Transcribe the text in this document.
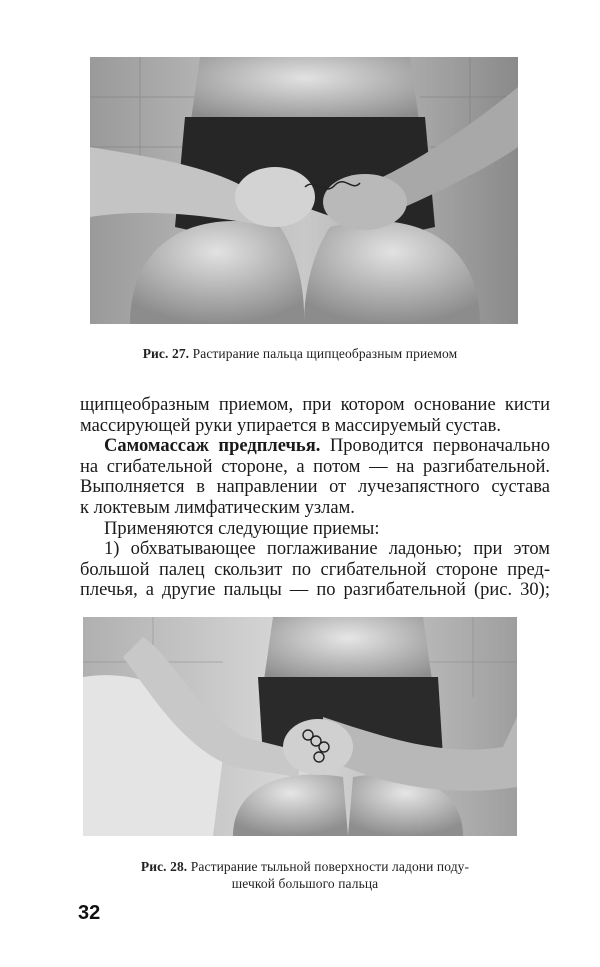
Рис. 27. Растирание пальца щипцеобразным приемом

щипцеобразным приемом, при котором основание кисти
массирующей руки упирается в массируемый сустав.

Самомассаж предплечья. Проводится первоначально
на сгибательной стороне, а потом — на разгибательной.
Выполняется в направлении от лучезапястного сустава
к локтевым лимфатическим узлам.

Применяются следующие приемы:

1) обхватывающее поглаживание ладонью; при этом
большой палец скользит по сгибательной стороне пред-
плечья, а другие пальцы — по разгибательной (рис. 30);

Рис. 28. Растирание тыльной поверхности ладони поду-
шечкой большого пальца
32
